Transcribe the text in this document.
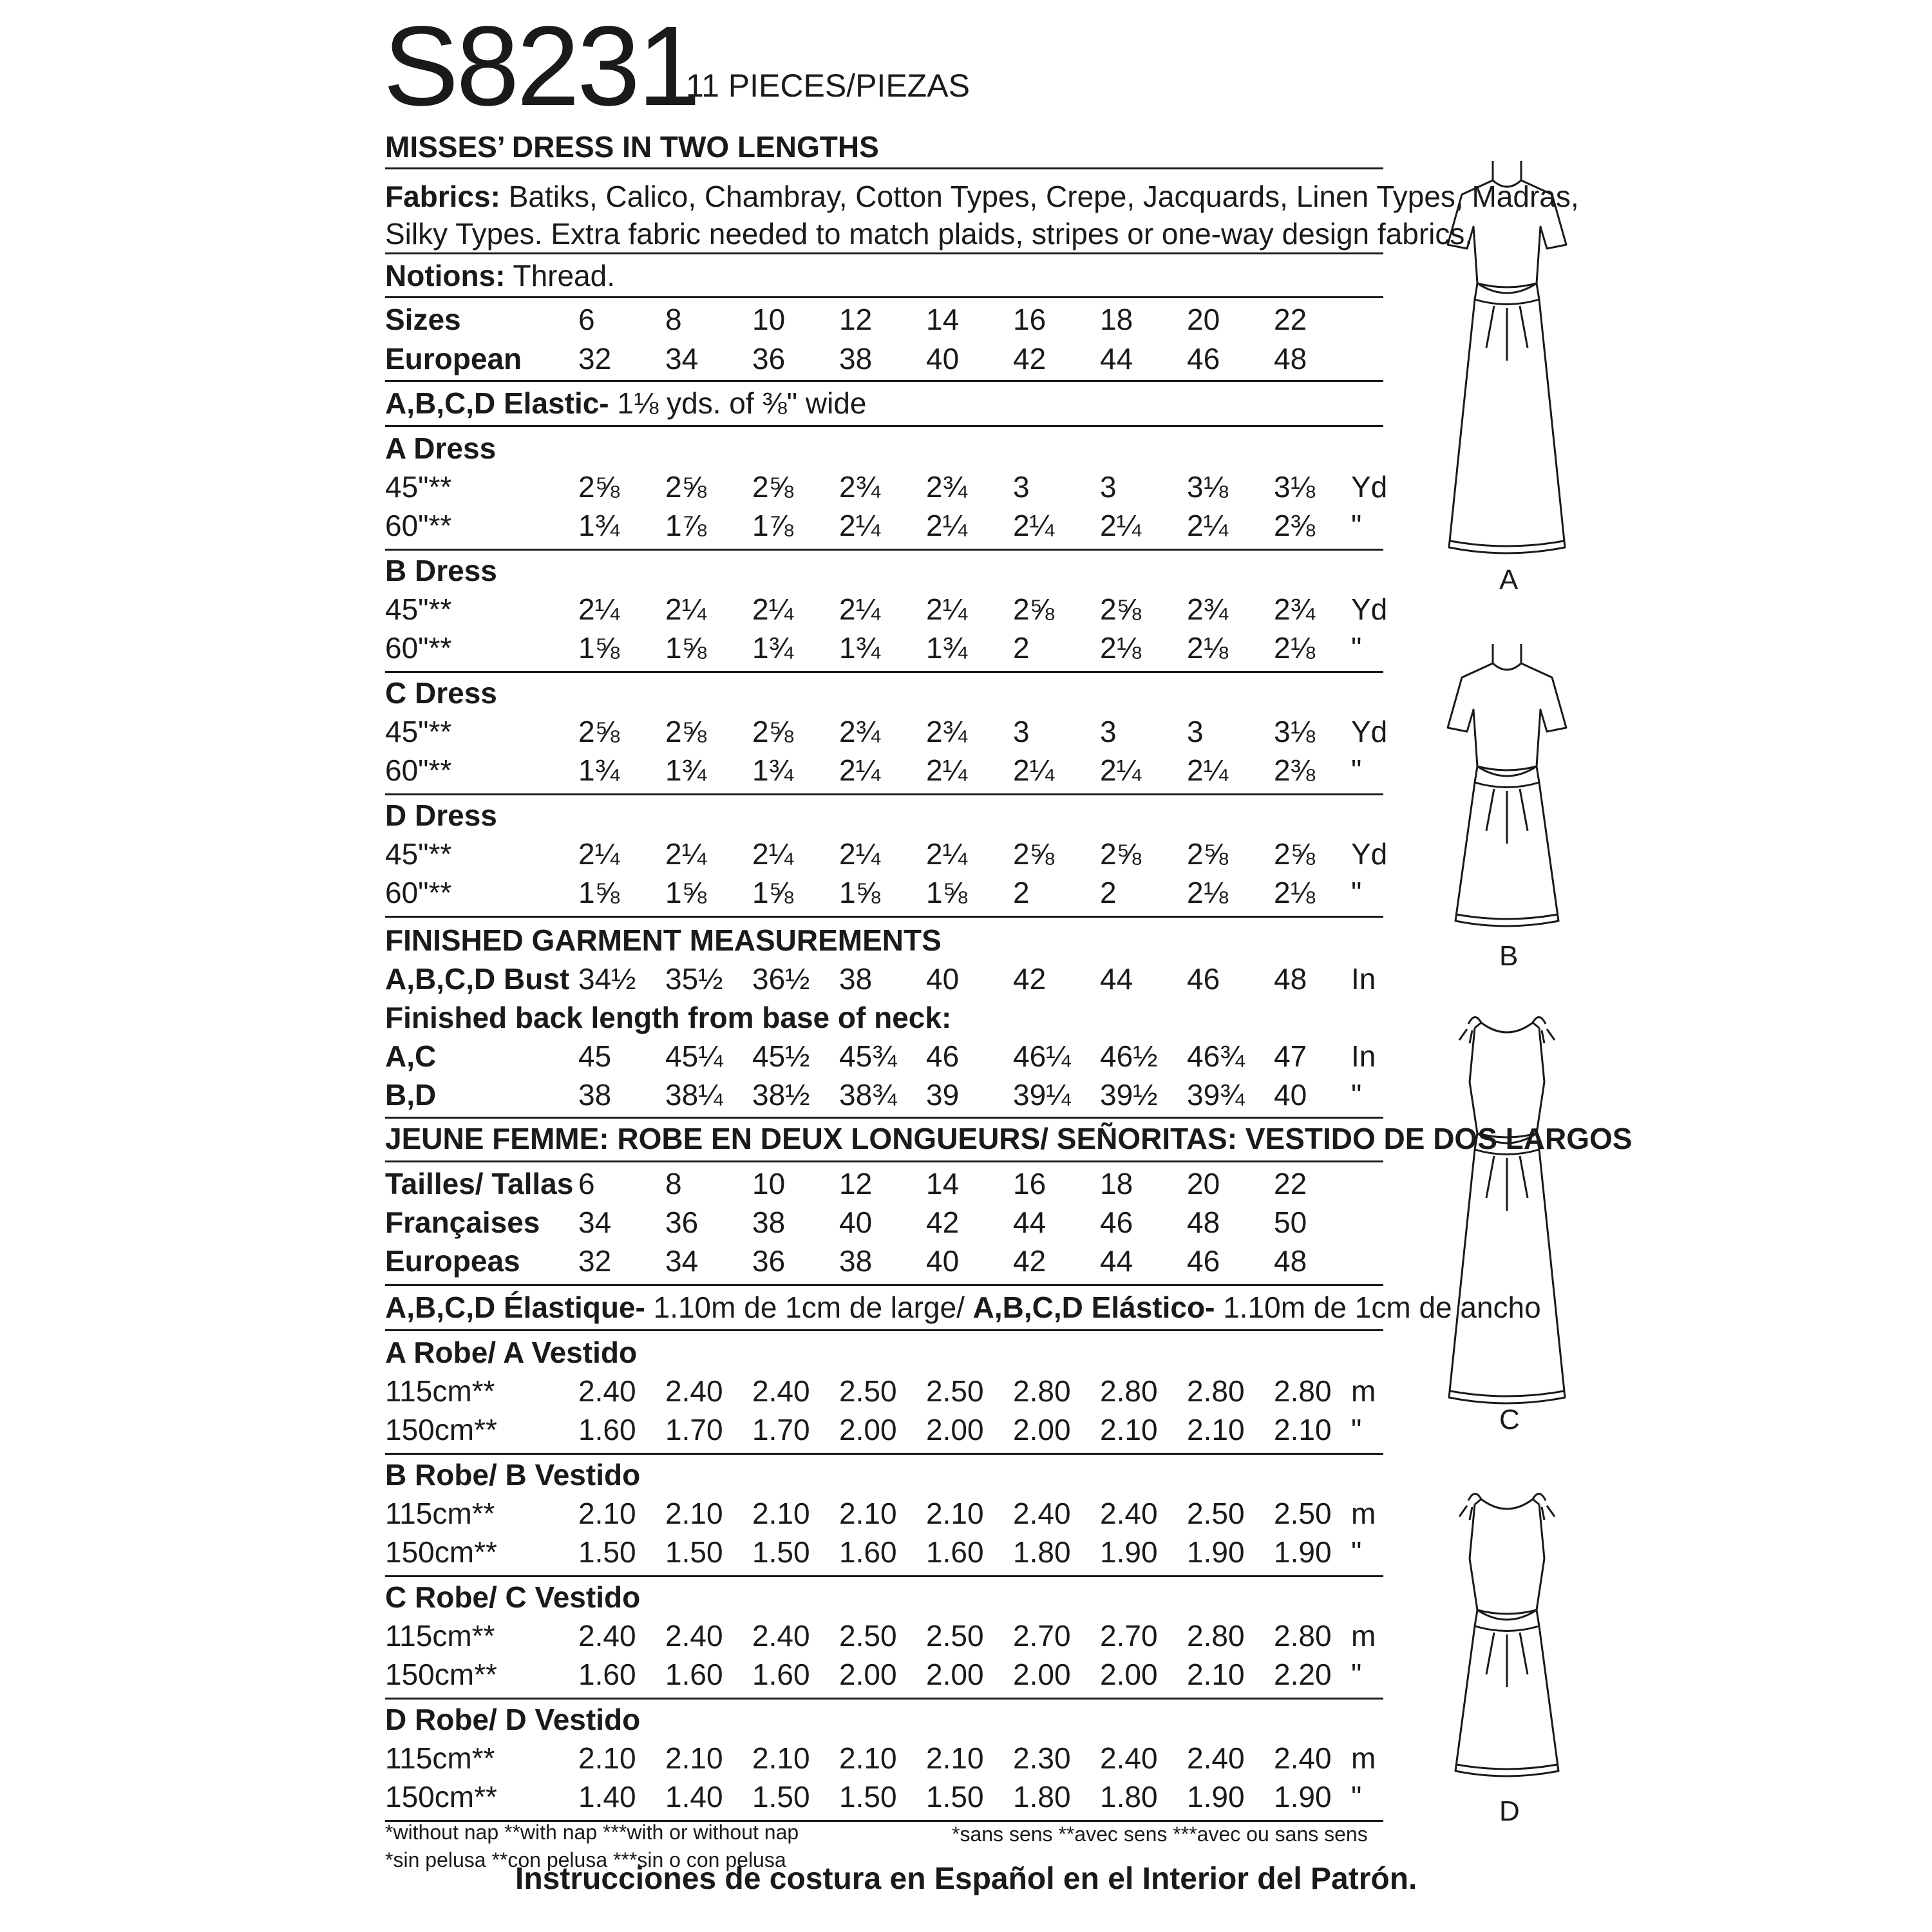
S8231
11 PIECES/PIEZAS
MISSES’ DRESS IN TWO LENGTHS
Fabrics: Batiks, Calico, Chambray, Cotton Types, Crepe, Jacquards, Linen Types, Madras,
Silky Types. Extra fabric needed to match plaids, stripes or one-way design fabrics.
Notions: Thread.
Sizes	6 8 10 12 14 16 18 20 22
European 32 34 36 38 40 42 44 46 48
A,B,C,D Elastic- 1⅛ yds. of ⅜" wide
A Dress
45"**	2⅝ 2⅝ 2⅝ 2¾ 2¾ 3 3 3⅛ 3⅛ Yd
60"**	1¾ 1⅞ 1⅞ 2¼ 2¼ 2¼ 2¼ 2¼ 2⅜ "
B Dress
45"**	2¼ 2¼ 2¼ 2¼ 2¼ 2⅝ 2⅝ 2¾ 2¾ Yd
60"**	1⅝ 1⅝ 1¾ 1¾ 1¾ 2 2⅛ 2⅛ 2⅛ "
C Dress
45"**	2⅝ 2⅝ 2⅝ 2¾ 2¾ 3 3 3 3⅛ Yd
60"**	1¾ 1¾ 1¾ 2¼ 2¼ 2¼ 2¼ 2¼ 2⅜ "
D Dress
45"**	2¼ 2¼ 2¼ 2¼ 2¼ 2⅝ 2⅝ 2⅝ 2⅝ Yd
60"**	1⅝ 1⅝ 1⅝ 1⅝ 1⅝ 2 2 2⅛ 2⅛ "
FINISHED GARMENT MEASUREMENTS
A,B,C,D Bust 34½ 35½ 36½ 38 40 42 44 46 48 In
Finished back length from base of neck:
A,C	45 45¼ 45½ 45¾ 46 46¼ 46½ 46¾ 47 In
B,D	38 38¼ 38½ 38¾ 39 39¼ 39½ 39¾ 40 "
JEUNE FEMME: ROBE EN DEUX LONGUEURS/ SEÑORITAS: VESTIDO DE DOS LARGOS
Tailles/ Tallas 6 8 10 12 14 16 18 20 22
Françaises 34 36 38 40 42 44 46 48 50
Europeas 32 34 36 38 40 42 44 46 48
A,B,C,D Élastique- 1.10m de 1cm de large/ A,B,C,D Elástico- 1.10m de 1cm de ancho
A Robe/ A Vestido
115cm**	2.40 2.40 2.40 2.50 2.50 2.80 2.80 2.80 2.80 m
150cm**	1.60 1.70 1.70 2.00 2.00 2.00 2.10 2.10 2.10 "
B Robe/ B Vestido
115cm**	2.10 2.10 2.10 2.10 2.10 2.40 2.40 2.50 2.50 m
150cm**	1.50 1.50 1.50 1.60 1.60 1.80 1.90 1.90 1.90 "
C Robe/ C Vestido
115cm**	2.40 2.40 2.40 2.50 2.50 2.70 2.70 2.80 2.80 m
150cm**	1.60 1.60 1.60 2.00 2.00 2.00 2.00 2.10 2.20 "
D Robe/ D Vestido
115cm**	2.10 2.10 2.10 2.10 2.10 2.30 2.40 2.40 2.40 m
150cm**	1.40 1.40 1.50 1.50 1.50 1.80 1.80 1.90 1.90 "
*without nap **with nap ***with or without nap
*sin pelusa **con pelusa ***sin o con pelusa
*sans sens **avec sens ***avec ou sans sens
Instrucciones de costura en Español en el Interior del Patrón.
A
B
C
D
